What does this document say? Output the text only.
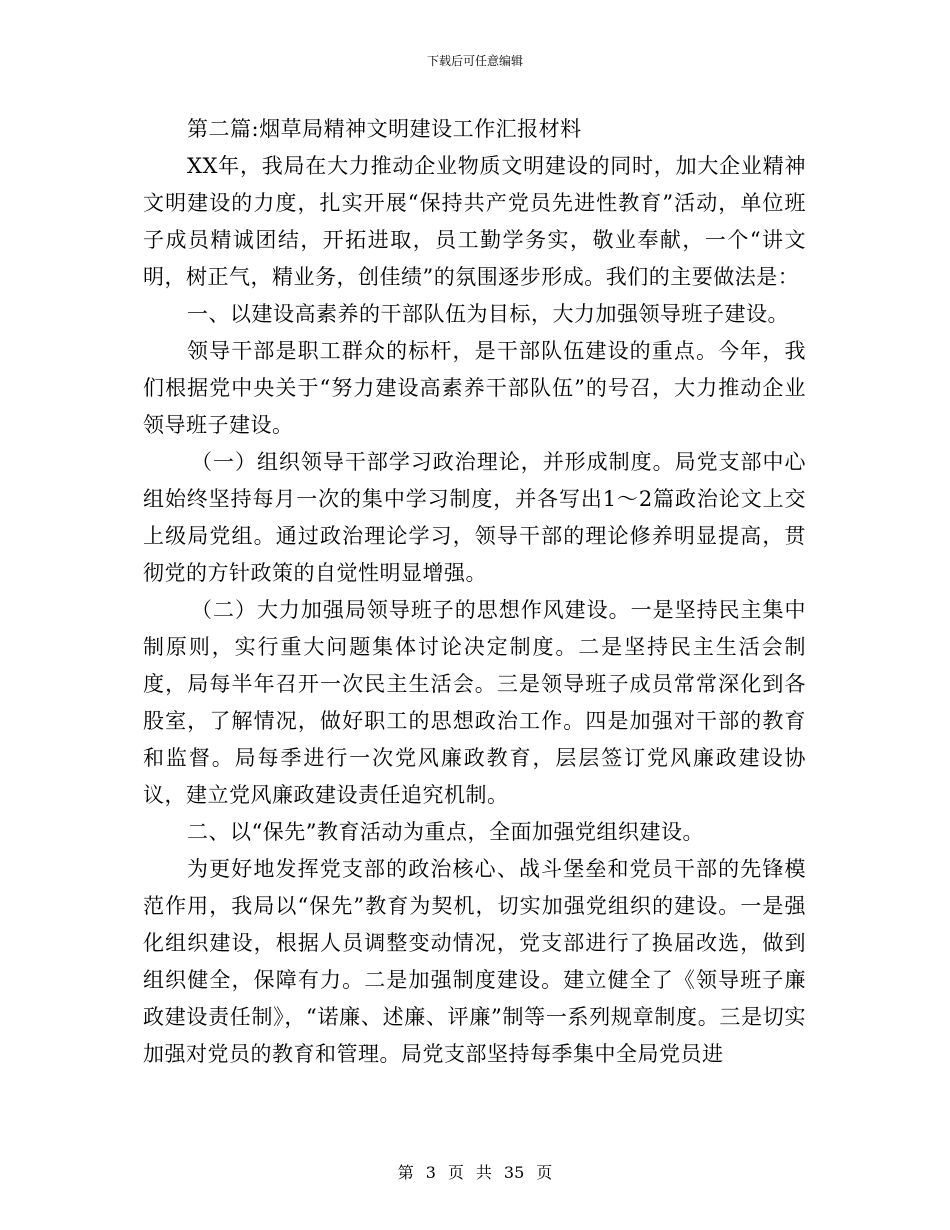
下载后可任意编辑

第二篇:烟草局精神文明建设工作汇报材料

XX年，我局在大力推动企业物质文明建设的同时，加大企业精神文明建设的力度，扎实开展“保持共产党员先进性教育”活动，单位班子成员精诚团结，开拓进取，员工勤学务实，敬业奉献，一个“讲文明，树正气，精业务，创佳绩”的氛围逐步形成。我们的主要做法是：

一、以建设高素养的干部队伍为目标，大力加强领导班子建设。

领导干部是职工群众的标杆，是干部队伍建设的重点。今年，我们根据党中央关于“努力建设高素养干部队伍”的号召，大力推动企业领导班子建设。

（一）组织领导干部学习政治理论，并形成制度。局党支部中心组始终坚持每月一次的集中学习制度，并各写出1～2篇政治论文上交上级局党组。通过政治理论学习，领导干部的理论修养明显提高，贯彻党的方针政策的自觉性明显增强。

（二）大力加强局领导班子的思想作风建设。一是坚持民主集中制原则，实行重大问题集体讨论决定制度。二是坚持民主生活会制度，局每半年召开一次民主生活会。三是领导班子成员常常深化到各股室，了解情况，做好职工的思想政治工作。四是加强对干部的教育和监督。局每季进行一次党风廉政教育，层层签订党风廉政建设协议，建立党风廉政建设责任追究机制。

二、以“保先”教育活动为重点，全面加强党组织建设。

为更好地发挥党支部的政治核心、战斗堡垒和党员干部的先锋模范作用，我局以“保先”教育为契机，切实加强党组织的建设。一是强化组织建设，根据人员调整变动情况，党支部进行了换届改选，做到组织健全，保障有力。二是加强制度建设。建立健全了《领导班子廉政建设责任制》，“诺廉、述廉、评廉”制等一系列规章制度。三是切实加强对党员的教育和管理。局党支部坚持每季集中全局党员进

第 3 页 共 35 页
